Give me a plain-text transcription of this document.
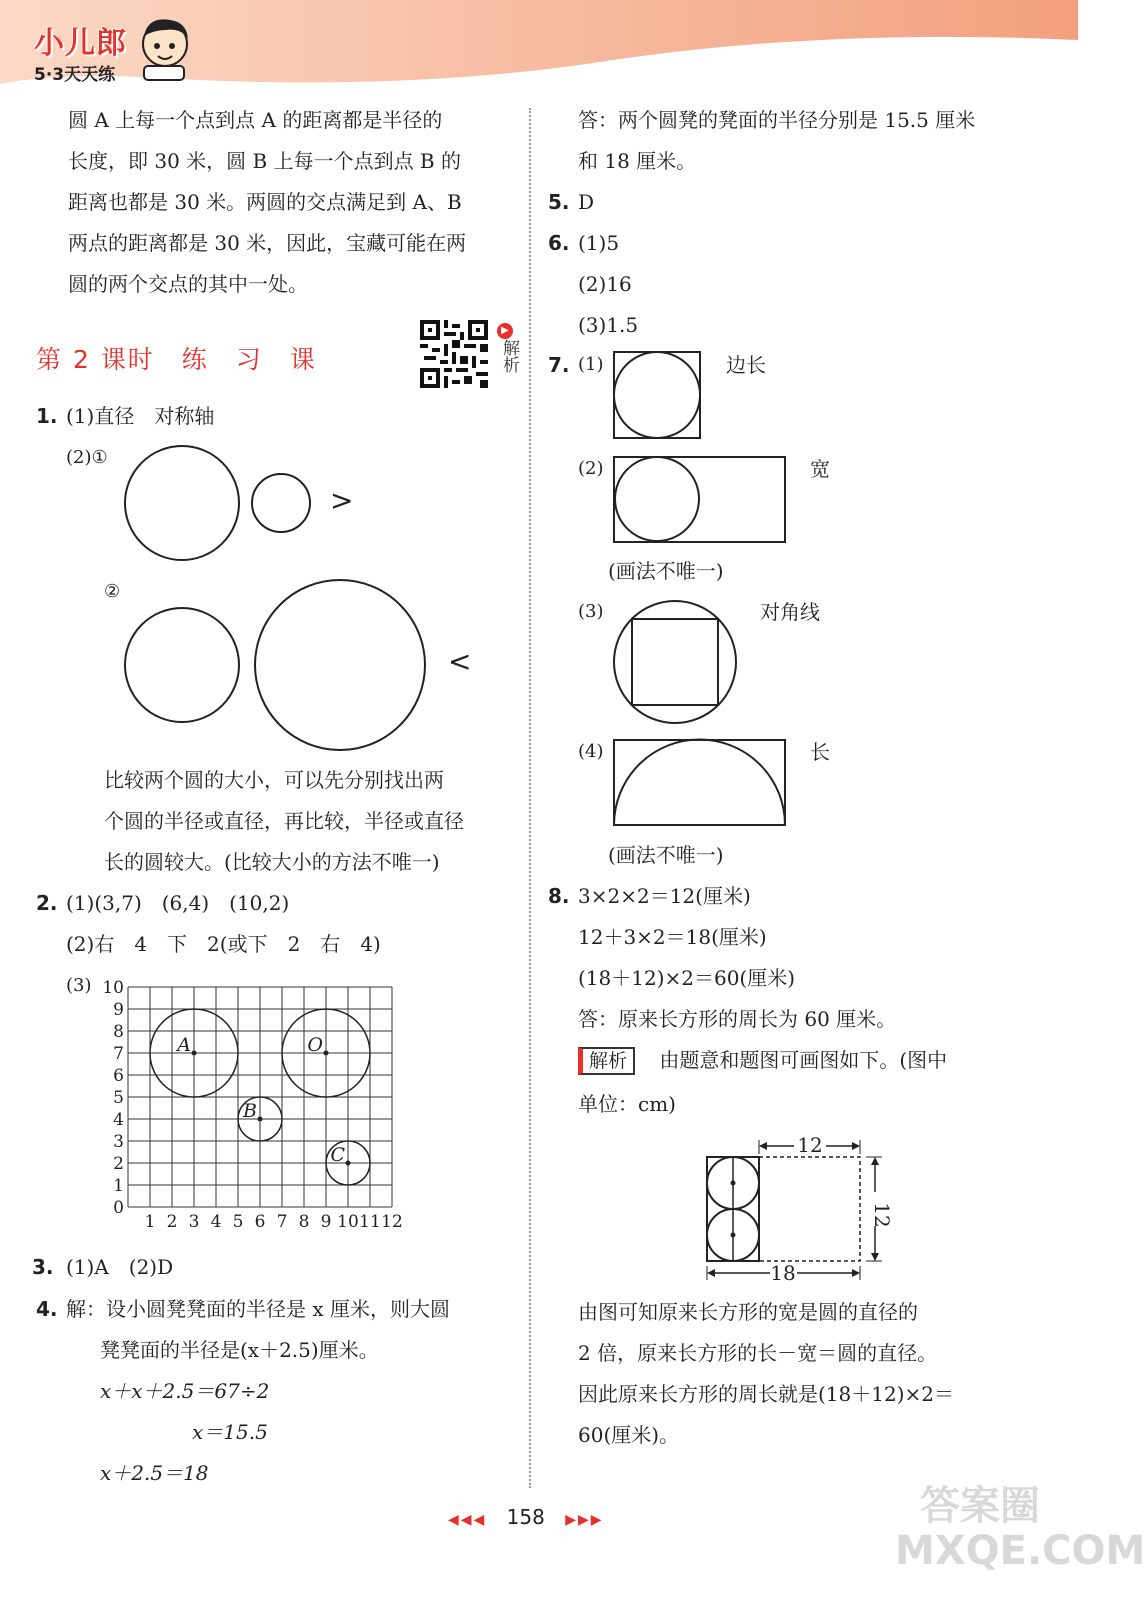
小儿郎
5·3天天练
圆 A 上每一个点到点 A 的距离都是半径的
长度，即 30 米，圆 B 上每一个点到点 B 的
距离也都是 30 米。两圆的交点满足到 A、B
两点的距离都是 30 米，因此，宝藏可能在两
圆的两个交点的其中一处。
第 2 课时　练　习　课
▶
解析
1. (1)直径　对称轴
(2)①
>
②
<
比较两个圆的大小，可以先分别找出两
个圆的半径或直径，再比较，半径或直径
长的圆较大。(比较大小的方法不唯一)
2. (1)(3,7)　(6,4)　(10,2)
(2)右　4　下　2(或下　2　右　4)
(3)
1 2 3 4 5 6 7 8 9 10 11 12
0
1
2
3
4
5
6
7
8
9
10
A	O
B
C
3. (1)A　(2)D
4. 解：设小圆凳凳面的半径是 x 厘米，则大圆
凳凳面的半径是(x＋2.5)厘米。
x＋x＋2.5＝67÷2
x＝15.5
x＋2.5＝18
答：两个圆凳的凳面的半径分别是 15.5 厘米
和 18 厘米。
5. D
6. (1)5
(2)16
(3)1.5
7. (1)	边长
(2)	宽
(画法不唯一)
(3)	对角线
(4)	长
(画法不唯一)
8. 3×2×2＝12(厘米)
12＋3×2＝18(厘米)
(18＋12)×2＝60(厘米)
答：原来长方形的周长为 60 厘米。
解析 由题意和题图可画图如下。(图中
单位：cm)
由图可知原来长方形的宽是圆的直径的
2 倍，原来长方形的长－宽＝圆的直径。
因此原来长方形的周长就是(18＋12)×2＝
60(厘米)。
12
12
18
◀◀◀ 158 ▶▶▶	答案圈
MXQE.COM
